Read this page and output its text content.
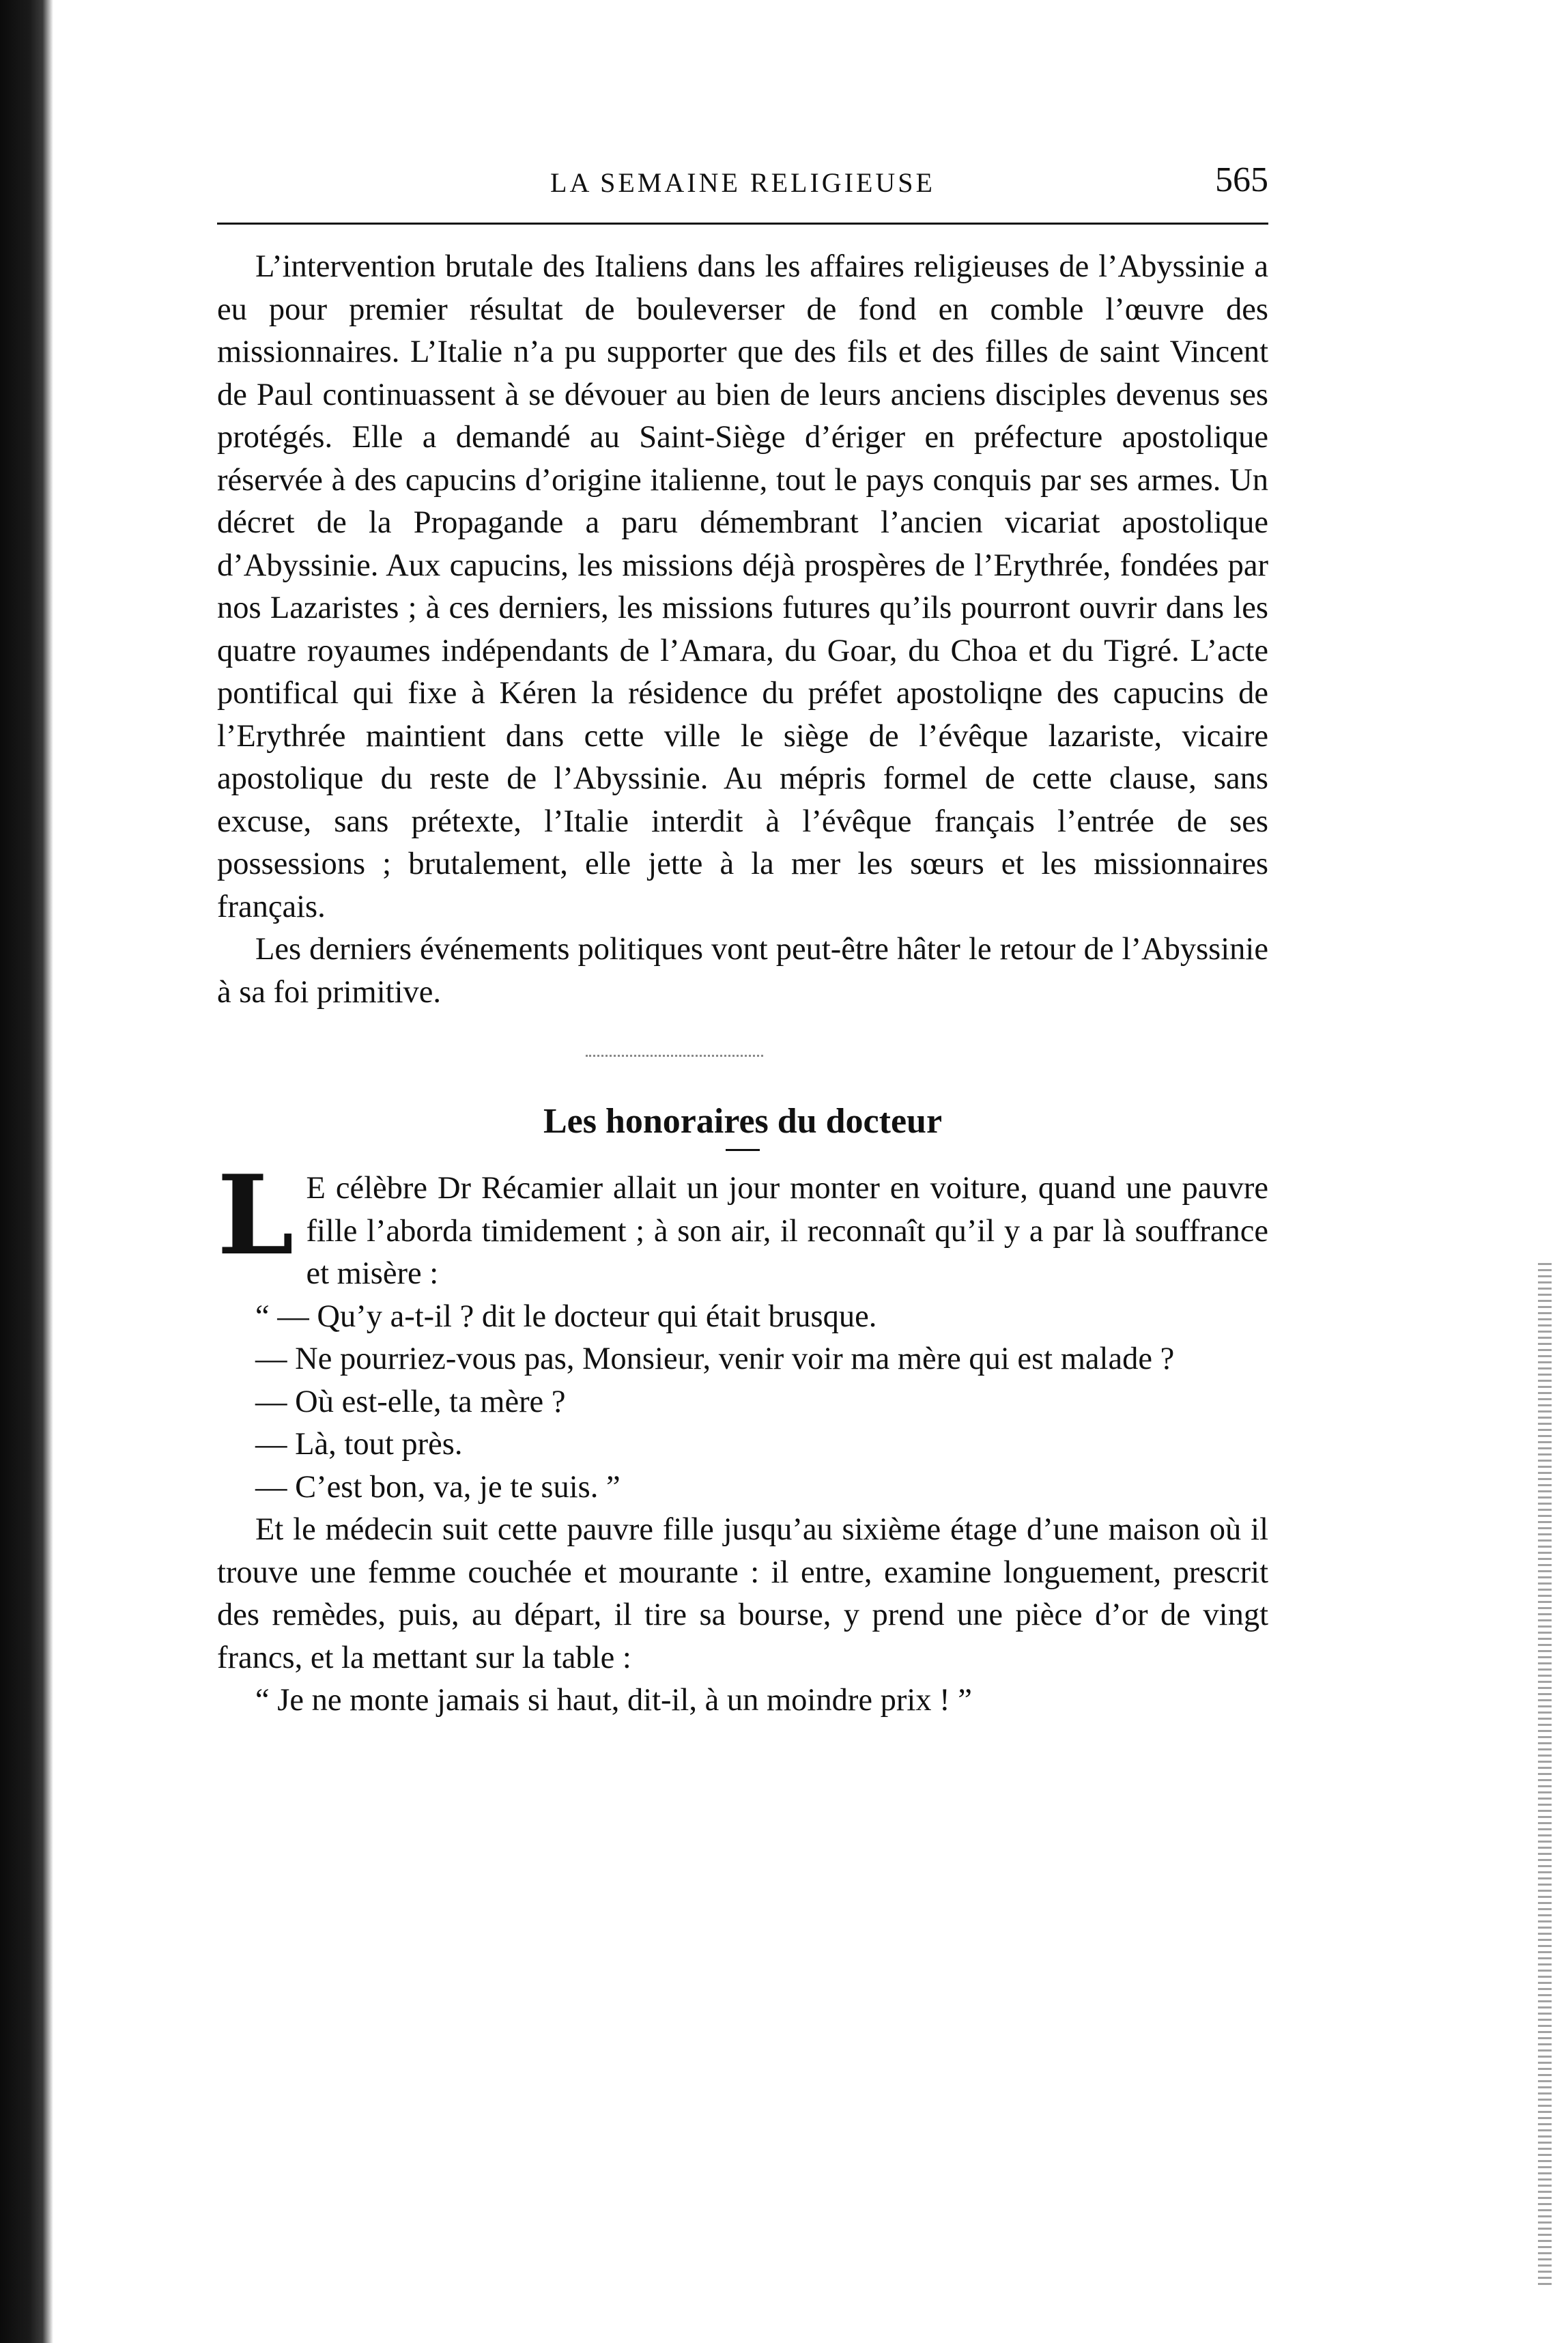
LA SEMAINE RELIGIEUSE	565

L’intervention brutale des Italiens dans les affaires religieuses de l’Abyssinie a eu pour premier résultat de bouleverser de fond en comble l’œuvre des missionnaires. L’Italie n’a pu supporter que des fils et des filles de saint Vincent de Paul continuassent à se dévouer au bien de leurs anciens disciples devenus ses protégés. Elle a demandé au Saint-Siège d’ériger en préfecture apostolique réservée à des capucins d’origine italienne, tout le pays conquis par ses armes. Un décret de la Propagande a paru démembrant l’ancien vicariat apostolique d’Abyssinie. Aux capucins, les missions déjà prospères de l’Erythrée, fondées par nos Lazaristes ; à ces derniers, les missions futures qu’ils pourront ouvrir dans les quatre royaumes indépendants de l’Amara, du Goar, du Choa et du Tigré. L’acte pontifical qui fixe à Kéren la résidence du préfet apostoliqne des capucins de l’Erythrée maintient dans cette ville le siège de l’évêque lazariste, vicaire apostolique du reste de l’Abyssinie. Au mépris formel de cette clause, sans excuse, sans prétexte, l’Italie interdit à l’évêque français l’entrée de ses possessions ; brutalement, elle jette à la mer les sœurs et les missionnaires français.

Les derniers événements politiques vont peut-être hâter le retour de l’Abyssinie à sa foi primitive.

Les honoraires du docteur
L E célèbre Dr Récamier allait un jour monter en voiture, quand une pauvre fille l’aborda timidement ; à son air, il reconnaît qu’il y a par là souffrance et misère :

“ — Qu’y a-t-il ? dit le docteur qui était brusque.

— Ne pourriez-vous pas, Monsieur, venir voir ma mère qui est malade ?

— Où est-elle, ta mère ?

— Là, tout près.

— C’est bon, va, je te suis. ”

Et le médecin suit cette pauvre fille jusqu’au sixième étage d’une maison où il trouve une femme couchée et mourante : il entre, examine longuement, prescrit des remèdes, puis, au départ, il tire sa bourse, y prend une pièce d’or de vingt francs, et la mettant sur la table :

“ Je ne monte jamais si haut, dit-il, à un moindre prix ! ”
